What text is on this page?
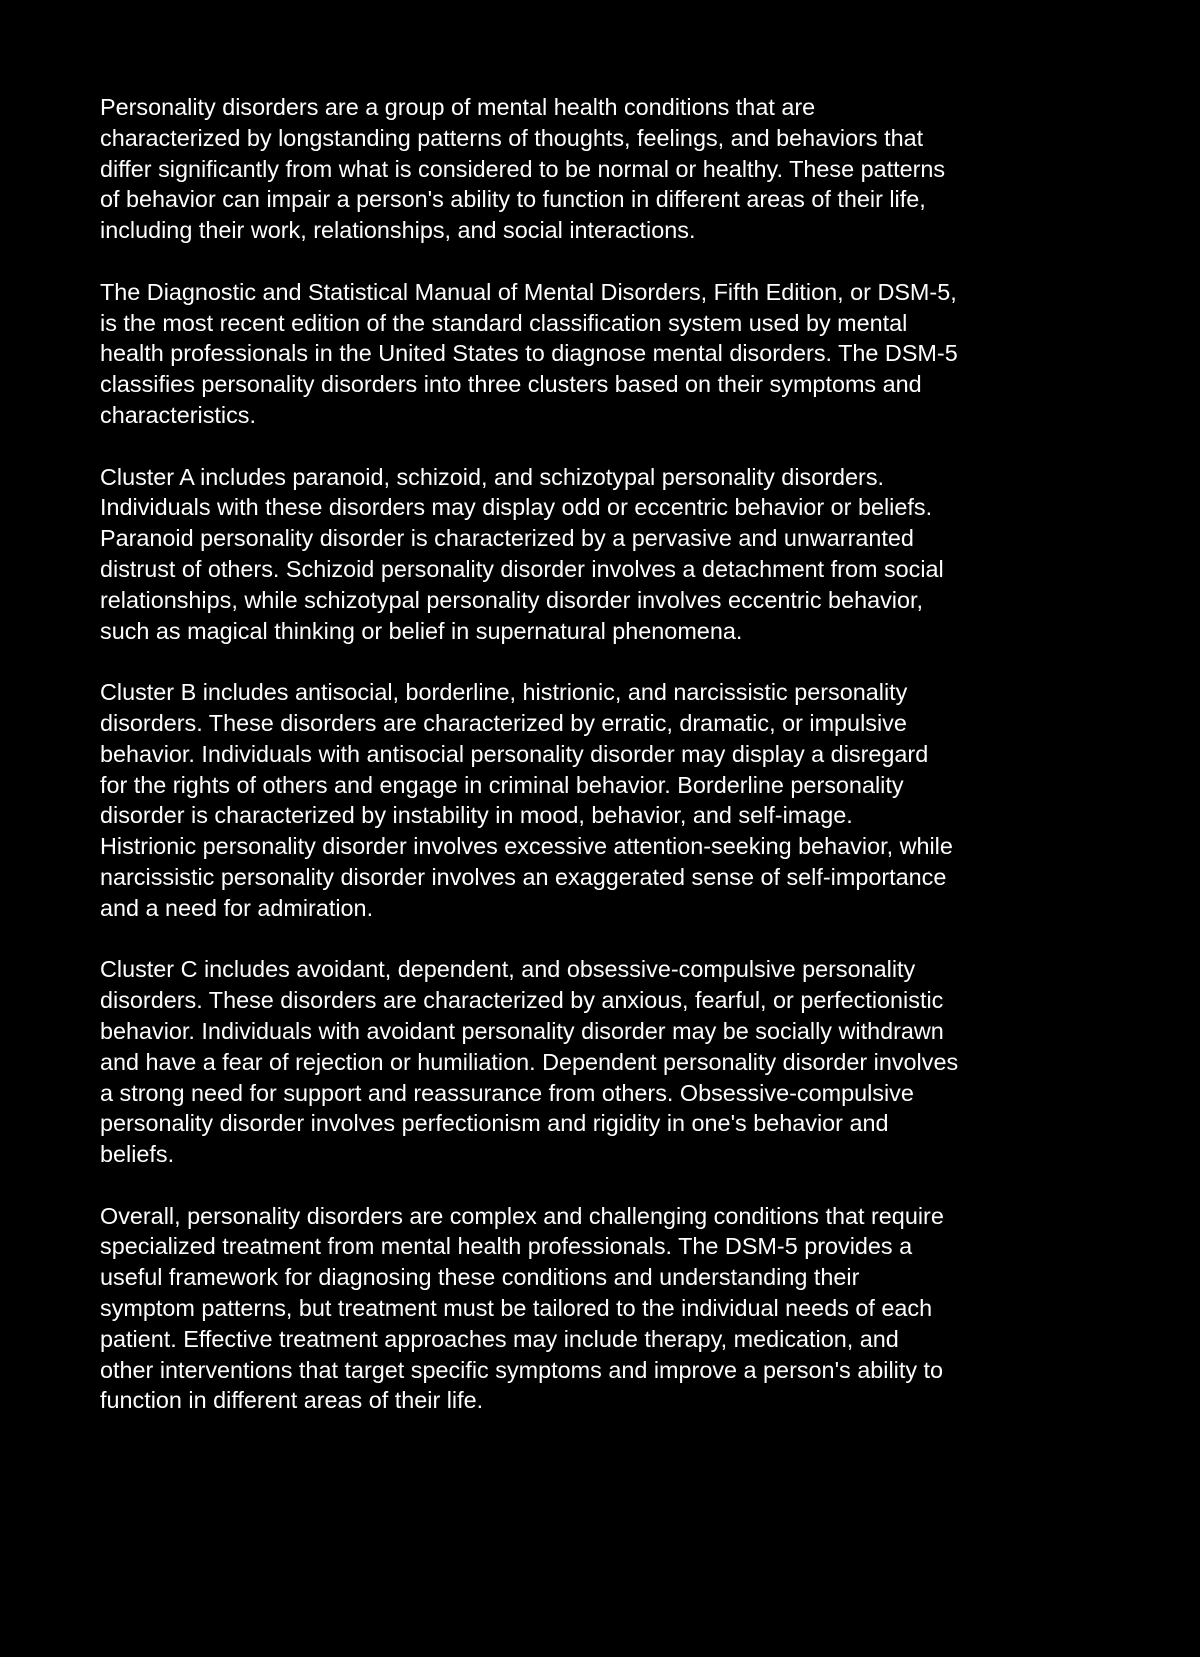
Personality disorders are a group of mental health conditions that are
characterized by longstanding patterns of thoughts, feelings, and behaviors that
differ significantly from what is considered to be normal or healthy. These patterns
of behavior can impair a person's ability to function in different areas of their life,
including their work, relationships, and social interactions.

The Diagnostic and Statistical Manual of Mental Disorders, Fifth Edition, or DSM-5,
is the most recent edition of the standard classification system used by mental
health professionals in the United States to diagnose mental disorders. The DSM-5
classifies personality disorders into three clusters based on their symptoms and
characteristics.

Cluster A includes paranoid, schizoid, and schizotypal personality disorders.
Individuals with these disorders may display odd or eccentric behavior or beliefs.
Paranoid personality disorder is characterized by a pervasive and unwarranted
distrust of others. Schizoid personality disorder involves a detachment from social
relationships, while schizotypal personality disorder involves eccentric behavior,
such as magical thinking or belief in supernatural phenomena.

Cluster B includes antisocial, borderline, histrionic, and narcissistic personality
disorders. These disorders are characterized by erratic, dramatic, or impulsive
behavior. Individuals with antisocial personality disorder may display a disregard
for the rights of others and engage in criminal behavior. Borderline personality
disorder is characterized by instability in mood, behavior, and self-image.
Histrionic personality disorder involves excessive attention-seeking behavior, while
narcissistic personality disorder involves an exaggerated sense of self-importance
and a need for admiration.

Cluster C includes avoidant, dependent, and obsessive-compulsive personality
disorders. These disorders are characterized by anxious, fearful, or perfectionistic
behavior. Individuals with avoidant personality disorder may be socially withdrawn
and have a fear of rejection or humiliation. Dependent personality disorder involves
a strong need for support and reassurance from others. Obsessive-compulsive
personality disorder involves perfectionism and rigidity in one's behavior and
beliefs.

Overall, personality disorders are complex and challenging conditions that require
specialized treatment from mental health professionals. The DSM-5 provides a
useful framework for diagnosing these conditions and understanding their
symptom patterns, but treatment must be tailored to the individual needs of each
patient. Effective treatment approaches may include therapy, medication, and
other interventions that target specific symptoms and improve a person's ability to
function in different areas of their life.
